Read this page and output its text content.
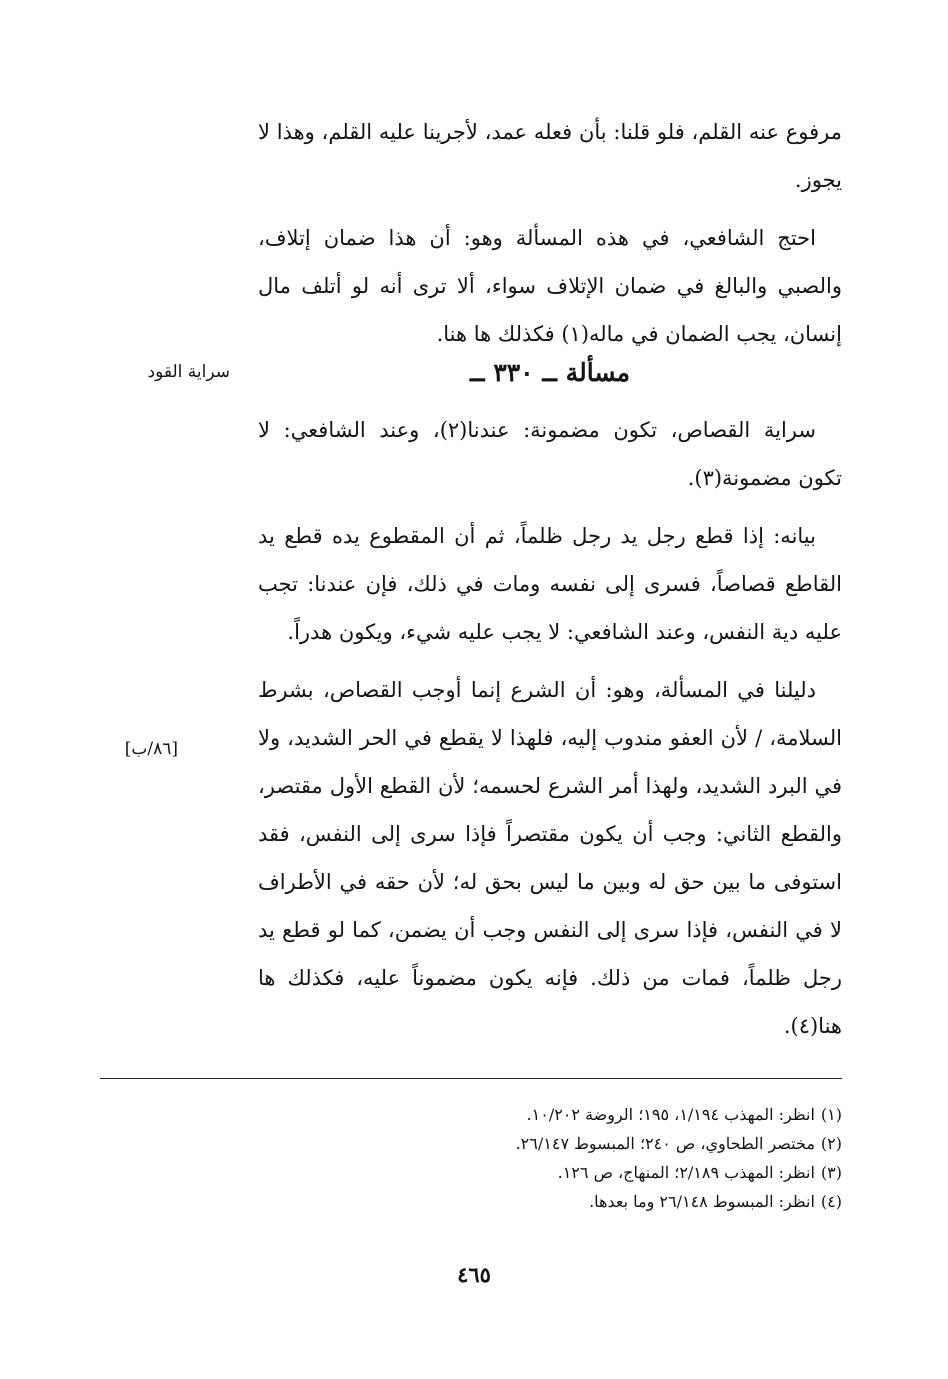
مرفوع عنه القلم، فلو قلنا: بأن فعله عمد، لأجرينا عليه القلم، وهذا لا يجوز.

احتج الشافعي، في هذه المسألة وهو: أن هذا ضمان إتلاف، والصبي والبالغ في ضمان الإتلاف سواء، ألا ترى أنه لو أتلف مال إنسان، يجب الضمان في ماله(١) فكذلك ها هنا.

مسألة ــ ٣٣٠ ــ
سراية القود

سراية القصاص، تكون مضمونة: عندنا(٢)، وعند الشافعي: لا تكون مضمونة(٣).

بيانه: إذا قطع رجل يد رجل ظلماً، ثم أن المقطوع يده قطع يد القاطع قصاصاً، فسرى إلى نفسه ومات في ذلك، فإن عندنا: تجب عليه دية النفس، وعند الشافعي: لا يجب عليه شيء، ويكون هدراً.

دليلنا في المسألة، وهو: أن الشرع إنما أوجب القصاص، بشرط السلامة، / لأن العفو مندوب إليه، فلهذا لا يقطع في الحر الشديد، ولا في البرد الشديد، ولهذا أمر الشرع لحسمه؛ لأن القطع الأول مقتصر، والقطع الثاني: وجب أن يكون مقتصراً فإذا سرى إلى النفس، فقد استوفى ما بين حق له وبين ما ليس بحق له؛ لأن حقه في الأطراف لا في النفس، فإذا سرى إلى النفس وجب أن يضمن، كما لو قطع يد رجل ظلماً، فمات من ذلك. فإنه يكون مضموناً عليه، فكذلك ها هنا(٤).

[٨٦/ب]

(١)انظر: المهذب ١/١٩٤، ١٩٥؛ الروضة ١٠/٢٠٢.

(٢)مختصر الطحاوي، ص ٢٤٠؛ المبسوط ٢٦/١٤٧.

(٣)انظر: المهذب ٢/١٨٩؛ المنهاج، ص ١٢٦.

(٤)انظر: المبسوط ٢٦/١٤٨ وما بعدها.

٤٦٥
